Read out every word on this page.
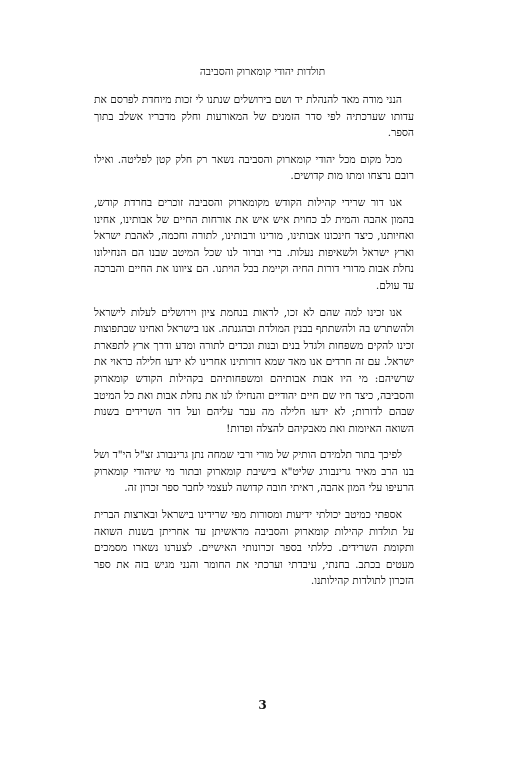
תולדות יהודי קומארוק והסביבה

הנני מודה מאד להנהלת יד ושם בירושלים שנתנו לי זכות מיוחדת לפרסם את עדותו שערכתיה לפי סדר הזמנים של המאורעות וחלק מדבריו אשלב בתוך הספר.

מכל מקום מכל יהודי קומארוק והסביבה נשאר רק חלק קטן לפליטה. ואילו רובם נרצחו ומתו מות קדושים.

אנו דור שרידי קהילות הקודש מקומארוק והסביבה זוכרים בחרדת קודש, בהמון אהבה והמית לב כחוית איש איש את אורחות החיים של אבותינו, אחינו ואחיותנו, כיצד חינכונו אבותינו, מורינו ורבותינו, לתורה וחכמה, לאהבת ישראל וארץ ישראל ולשאיפות נעלות. ברי וברור לנו שכל המיטב שבנו הם הנחילונו נחלת אבות מדורי דורות החיה וקיימת בכל הויתנו. הם ציוונו את החיים והברכה עד עולם.

אנו זכינו למה שהם לא זכו, לראות בנחמת ציון וירושלים לעלות לישראל ולהשתרש בה ולהשתתף בבנין המולדת ובהגנתה. אנו בישראל ואחינו שבתפוצות זכינו להקים משפחות ולגדל בנים ובנות ונכדים לתורה ומדע ודרך ארץ לתפארת ישראל. עם זה חרדים אנו מאד שמא דורותינו אחרינו לא ידעו חלילה כראוי את שרשיהם: מי היו אבות אבותיהם ומשפחותיהם בקהילות הקודש קומארוק והסביבה, כיצד חיו שם חיים יהודיים והנחילו לנו את נחלת אבות ואת כל המיטב שבהם לדורות; לא ידעו חלילה מה עבר עליהם ועל דור השרידים בשנות השואה האיומות ואת מאבקיהם להצלה ופדות!

לפיכך בתור תלמידם הותיק של מורי ורבי שמחה נתן גרינבורג זצ"ל הי"ד ושל בנו הרב מאיר גרינבורג שליט"א בישיבת קומארוק ובתור מי שיהודי קומארוק הרעיפו עלי המון אהבה, ראיתי חובה קדושה לעצמי לחבר ספר זכרון זה.

אספתי כמיטב יכולתי ידיעות ומסורות מפי שרידינו בישראל ובארצות הברית על תולדות קהילות קומארוק והסביבה מראשיתן עד אחריתן בשנות השואה ותקומת השרידים. כללתי בספר זכרונותי האישיים. לצערנו נשארו מסמכים מעטים בכתב. בחנתי, עיבדתי וערכתי את החומר והנני מגיש בזה את ספר הזכרון לתולדות קהילותנו.

3
